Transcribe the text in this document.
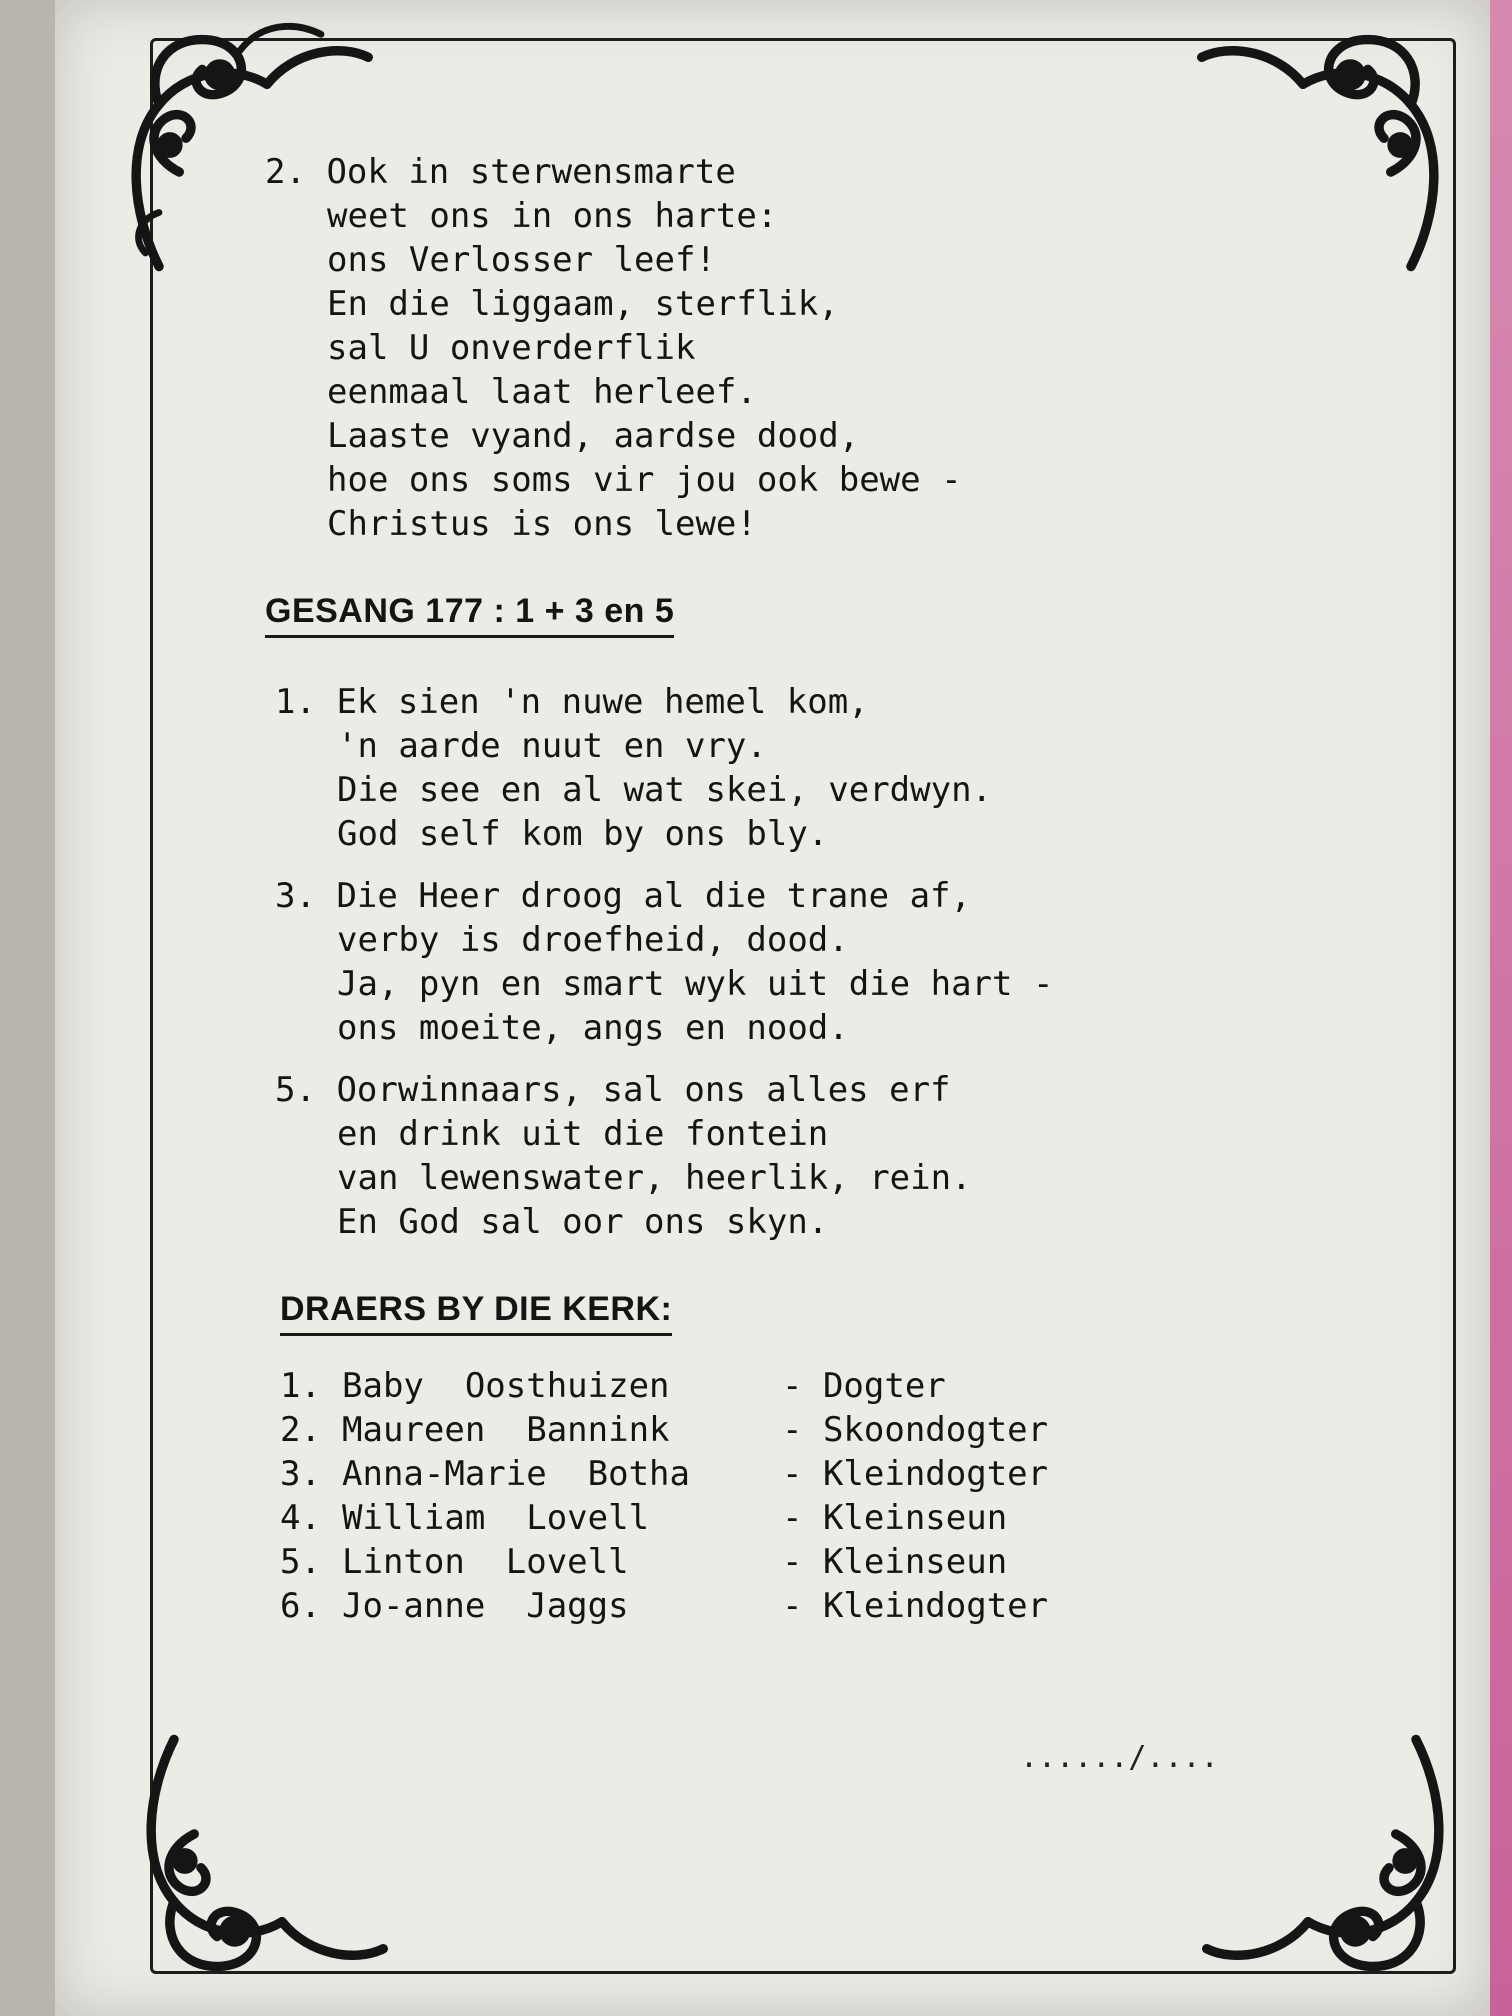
2. Ook in sterwensmarte
weet ons in ons harte:
ons Verlosser leef!
En die liggaam, sterflik,
sal U onverderflik
eenmaal laat herleef.
Laaste vyand, aardse dood,
hoe ons soms vir jou ook bewe -
Christus is ons lewe!
GESANG 177 : 1 + 3 en 5
1. Ek sien 'n nuwe hemel kom,
'n aarde nuut en vry.
Die see en al wat skei, verdwyn.
God self kom by ons bly.
3. Die Heer droog al die trane af,
verby is droefheid, dood.
Ja, pyn en smart wyk uit die hart -
ons moeite, angs en nood.
5. Oorwinnaars, sal ons alles erf
en drink uit die fontein
van lewenswater, heerlik, rein.
En God sal oor ons skyn.
DRAERS BY DIE KERK:
1.	Baby  Oosthuizen	- Dogter
2.	Maureen  Bannink	- Skoondogter
3.	Anna-Marie  Botha	- Kleindogter
4.	William  Lovell	- Kleinseun
5.	Linton  Lovell	- Kleinseun
6.	Jo-anne  Jaggs	- Kleindogter
....../....
